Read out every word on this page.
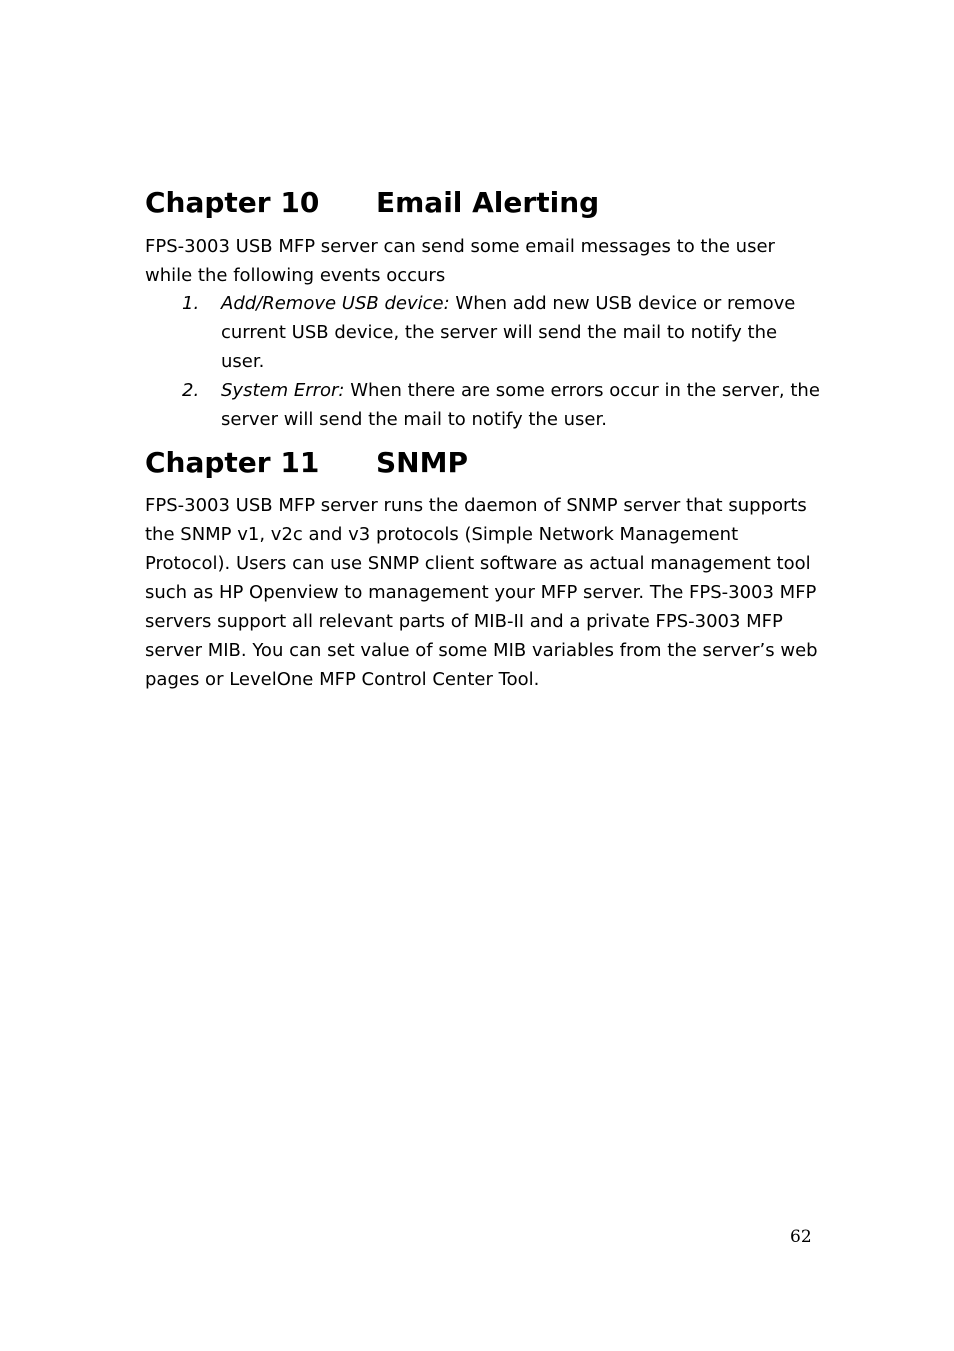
Chapter 10 Email Alerting

FPS-3003 USB MFP server can send some email messages to the user while the following events occurs

1. Add/Remove USB device: When add new USB device or remove current USB device, the server will send the mail to notify the user.
2. System Error: When there are some errors occur in the server, the server will send the mail to notify the user.
Chapter 11 SNMP

FPS-3003 USB MFP server runs the daemon of SNMP server that supports the SNMP v1, v2c and v3 protocols (Simple Network Management Protocol). Users can use SNMP client software as actual management tool such as HP Openview to management your MFP server. The FPS-3003 MFP servers support all relevant parts of MIB-II and a private FPS-3003 MFP server MIB. You can set value of some MIB variables from the server’s web pages or LevelOne MFP Control Center Tool.

62
